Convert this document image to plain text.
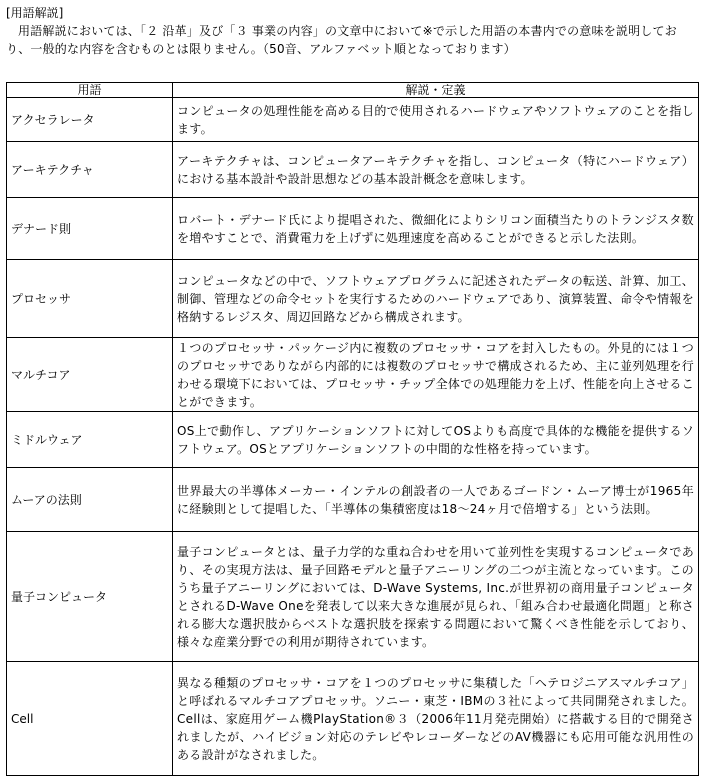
[用語解説]
用語解説においては、「２ 沿革」及び「３ 事業の内容」の文章中において※で示した用語の本書内での意味を説明しており、一般的な内容を含むものとは限りません。（50音、アルファベット順となっております）
用語	解説・定義
アクセラレータ	コンピュータの処理性能を高める目的で使用されるハードウェアやソフトウェアのことを指します。
アーキテクチャ	アーキテクチャは、コンピュータアーキテクチャを指し、コンピュータ（特にハードウェア）における基本設計や設計思想などの基本設計概念を意味します。
デナード則	ロバート・デナード氏により提唱された、微細化によりシリコン面積当たりのトランジスタ数を増やすことで、消費電力を上げずに処理速度を高めることができると示した法則。
プロセッサ	コンピュータなどの中で、ソフトウェアプログラムに記述されたデータの転送、計算、加工、制御、管理などの命令セットを実行するためのハードウェアであり、演算装置、命令や情報を格納するレジスタ、周辺回路などから構成されます。
マルチコア	１つのプロセッサ・パッケージ内に複数のプロセッサ・コアを封入したもの。外見的には１つのプロセッサでありながら内部的には複数のプロセッサで構成されるため、主に並列処理を行わせる環境下においては、プロセッサ・チップ全体での処理能力を上げ、性能を向上させることができます。
ミドルウェア	OS上で動作し、アプリケーションソフトに対してOSよりも高度で具体的な機能を提供するソフトウェア。OSとアプリケーションソフトの中間的な性格を持っています。
ムーアの法則	世界最大の半導体メーカー・インテルの創設者の一人であるゴードン・ムーア博士が1965年に経験則として提唱した、「半導体の集積密度は18～24ヶ月で倍増する」という法則。
量子コンピュータ	量子コンピュータとは、量子力学的な重ね合わせを用いて並列性を実現するコンピュータであり、その実現方法は、量子回路モデルと量子アニーリングの二つが主流となっています。このうち量子アニーリングにおいては、D-Wave Systems, Inc.が世界初の商用量子コンピュータとされるD-Wave Oneを発表して以来大きな進展が見られ、「組み合わせ最適化問題」と称される膨大な選択肢からベストな選択肢を探索する問題において驚くべき性能を示しており、様々な産業分野での利用が期待されています。
Cell	異なる種類のプロセッサ・コアを１つのプロセッサに集積した「ヘテロジニアスマルチコア」と呼ばれるマルチコアプロセッサ。ソニー・東芝・IBMの３社によって共同開発されました。Cellは、家庭用ゲーム機PlayStation®３（2006年11月発売開始）に搭載する目的で開発されましたが、ハイビジョン対応のテレビやレコーダーなどのAV機器にも応用可能な汎用性のある設計がなされました。
